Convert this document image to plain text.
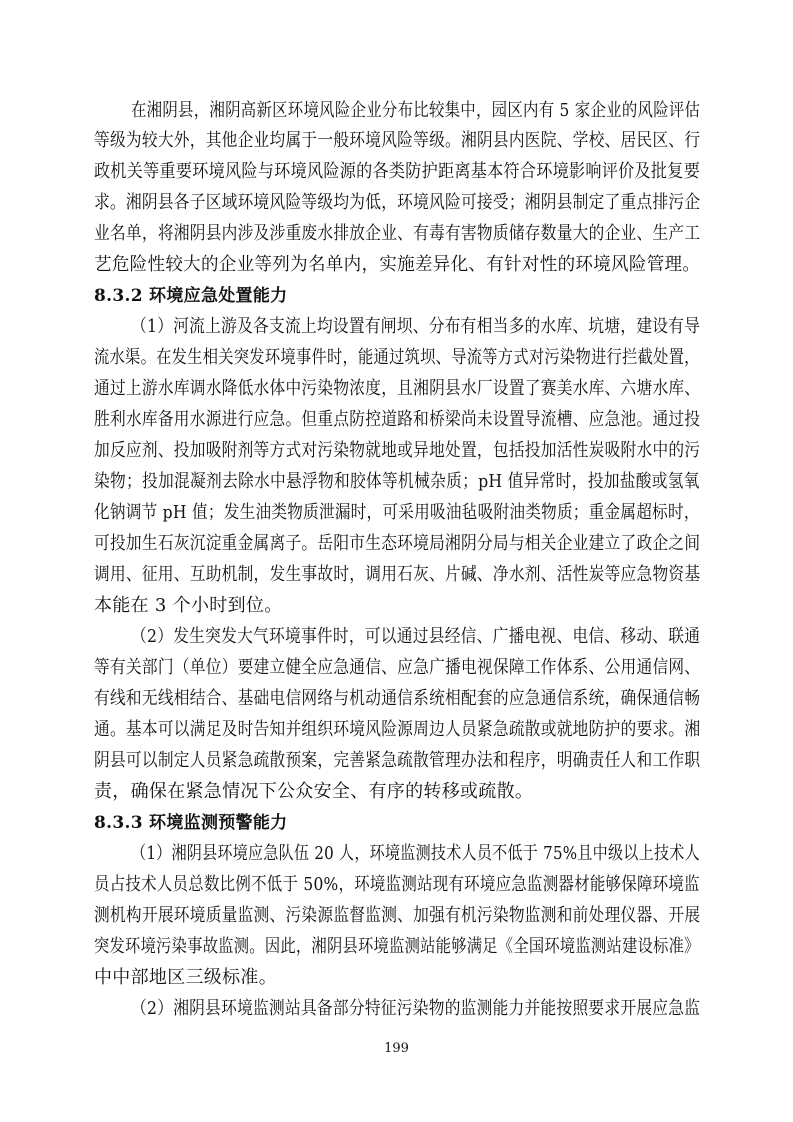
在湘阴县，湘阴高新区环境风险企业分布比较集中，园区内有 5 家企业的风险评估
等级为较大外，其他企业均属于一般环境风险等级。湘阴县内医院、学校、居民区、行
政机关等重要环境风险与环境风险源的各类防护距离基本符合环境影响评价及批复要
求。湘阴县各子区域环境风险等级均为低，环境风险可接受；湘阴县制定了重点排污企
业名单，将湘阴县内涉及涉重废水排放企业、有毒有害物质储存数量大的企业、生产工
艺危险性较大的企业等列为名单内，实施差异化、有针对性的环境风险管理。
8.3.2 环境应急处置能力
（1）河流上游及各支流上均设置有闸坝、分布有相当多的水库、坑塘，建设有导
流水渠。在发生相关突发环境事件时，能通过筑坝、导流等方式对污染物进行拦截处置，
通过上游水库调水降低水体中污染物浓度，且湘阴县水厂设置了赛美水库、六塘水库、
胜利水库备用水源进行应急。但重点防控道路和桥梁尚未设置导流槽、应急池。通过投
加反应剂、投加吸附剂等方式对污染物就地或异地处置，包括投加活性炭吸附水中的污
染物；投加混凝剂去除水中悬浮物和胶体等机械杂质；pH 值异常时，投加盐酸或氢氧
化钠调节 pH 值；发生油类物质泄漏时，可采用吸油毡吸附油类物质；重金属超标时，
可投加生石灰沉淀重金属离子。岳阳市生态环境局湘阴分局与相关企业建立了政企之间
调用、征用、互助机制，发生事故时，调用石灰、片碱、净水剂、活性炭等应急物资基
本能在 3 个小时到位。
（2）发生突发大气环境事件时，可以通过县经信、广播电视、电信、移动、联通
等有关部门（单位）要建立健全应急通信、应急广播电视保障工作体系、公用通信网、
有线和无线相结合、基础电信网络与机动通信系统相配套的应急通信系统，确保通信畅
通。基本可以满足及时告知并组织环境风险源周边人员紧急疏散或就地防护的要求。湘
阴县可以制定人员紧急疏散预案，完善紧急疏散管理办法和程序，明确责任人和工作职
责，确保在紧急情况下公众安全、有序的转移或疏散。
8.3.3 环境监测预警能力
（1）湘阴县环境应急队伍 20 人，环境监测技术人员不低于 75%且中级以上技术人
员占技术人员总数比例不低于 50%，环境监测站现有环境应急监测器材能够保障环境监
测机构开展环境质量监测、污染源监督监测、加强有机污染物监测和前处理仪器、开展
突发环境污染事故监测。因此，湘阴县环境监测站能够满足《全国环境监测站建设标准》
中中部地区三级标准。
（2）湘阴县环境监测站具备部分特征污染物的监测能力并能按照要求开展应急监
199
